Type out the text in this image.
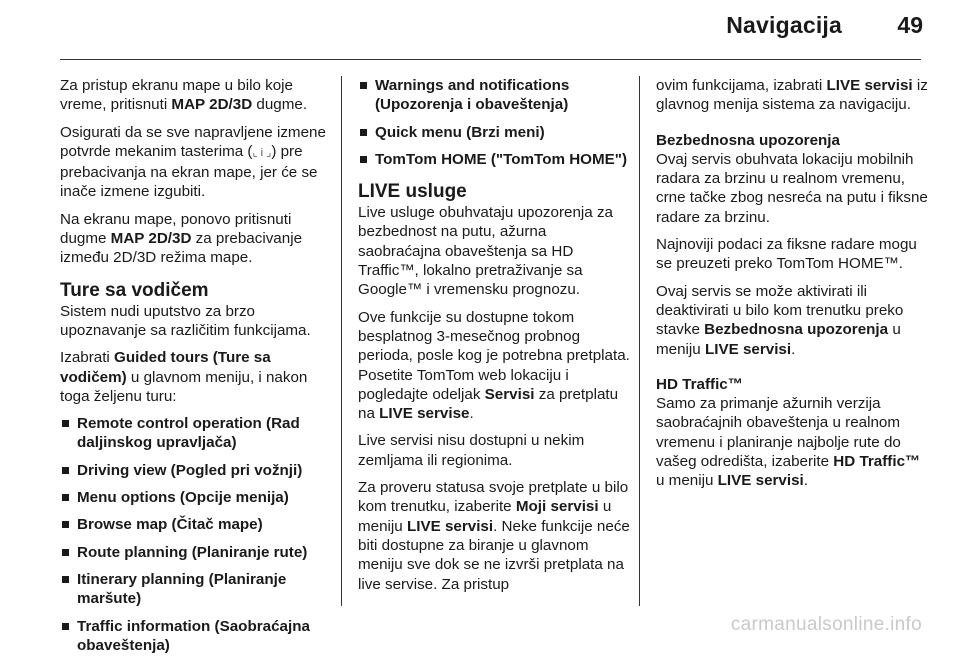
Navigacija 49

Za pristup ekranu mape u bilo koje vreme, pritisnuti MAP 2D/3D dugme.

Osigurati da se sve napravljene izmene potvrde mekanim tasterima (⌞ i ⌟) pre prebacivanja na ekran mape, jer će se inače izmene izgubiti.

Na ekranu mape, ponovo pritisnuti dugme MAP 2D/3D za prebacivanje između 2D/3D režima mape.

Ture sa vodičem

Sistem nudi uputstvo za brzo upoznavanje sa različitim funkcijama.

Izabrati Guided tours (Ture sa vodičem) u glavnom meniju, i nakon toga željenu turu:

Remote control operation (Rad daljinskog upravljača)
Driving view (Pogled pri vožnji)
Menu options (Opcije menija)
Browse map (Čitač mape)
Route planning (Planiranje rute)
Itinerary planning (Planiranje maršute)
Traffic information (Saobraćajna obaveštenja)
Warnings and notifications (Upozorenja i obaveštenja)
Quick menu (Brzi meni)
TomTom HOME ("TomTom HOME")
LIVE usluge

Live usluge obuhvataju upozorenja za bezbednost na putu, ažurna saobraćajna obaveštenja sa HD Traffic™, lokalno pretraživanje sa Google™ i vremensku prognozu.

Ove funkcije su dostupne tokom besplatnog 3-mesečnog probnog perioda, posle kog je potrebna pretplata. Posetite TomTom web lokaciju i pogledajte odeljak Servisi za pretplatu na LIVE servise.

Live servisi nisu dostupni u nekim zemljama ili regionima.

Za proveru statusa svoje pretplate u bilo kom trenutku, izaberite Moji servisi u meniju LIVE servisi. Neke funkcije neće biti dostupne za biranje u glavnom meniju sve dok se ne izvrši pretplata na live servise. Za pristup

ovim funkcijama, izabrati LIVE servisi iz glavnog menija sistema za navigaciju.

Bezbednosna upozorenja

Ovaj servis obuhvata lokaciju mobilnih radara za brzinu u realnom vremenu, crne tačke zbog nesreća na putu i fiksne radare za brzinu.

Najnoviji podaci za fiksne radare mogu se preuzeti preko TomTom HOME™.

Ovaj servis se može aktivirati ili deaktivirati u bilo kom trenutku preko stavke Bezbednosna upozorenja u meniju LIVE servisi.

HD Traffic™

Samo za primanje ažurnih verzija saobraćajnih obaveštenja u realnom vremenu i planiranje najbolje rute do vašeg odredišta, izaberite HD Traffic™ u meniju LIVE servisi.

carmanualsonline.info
